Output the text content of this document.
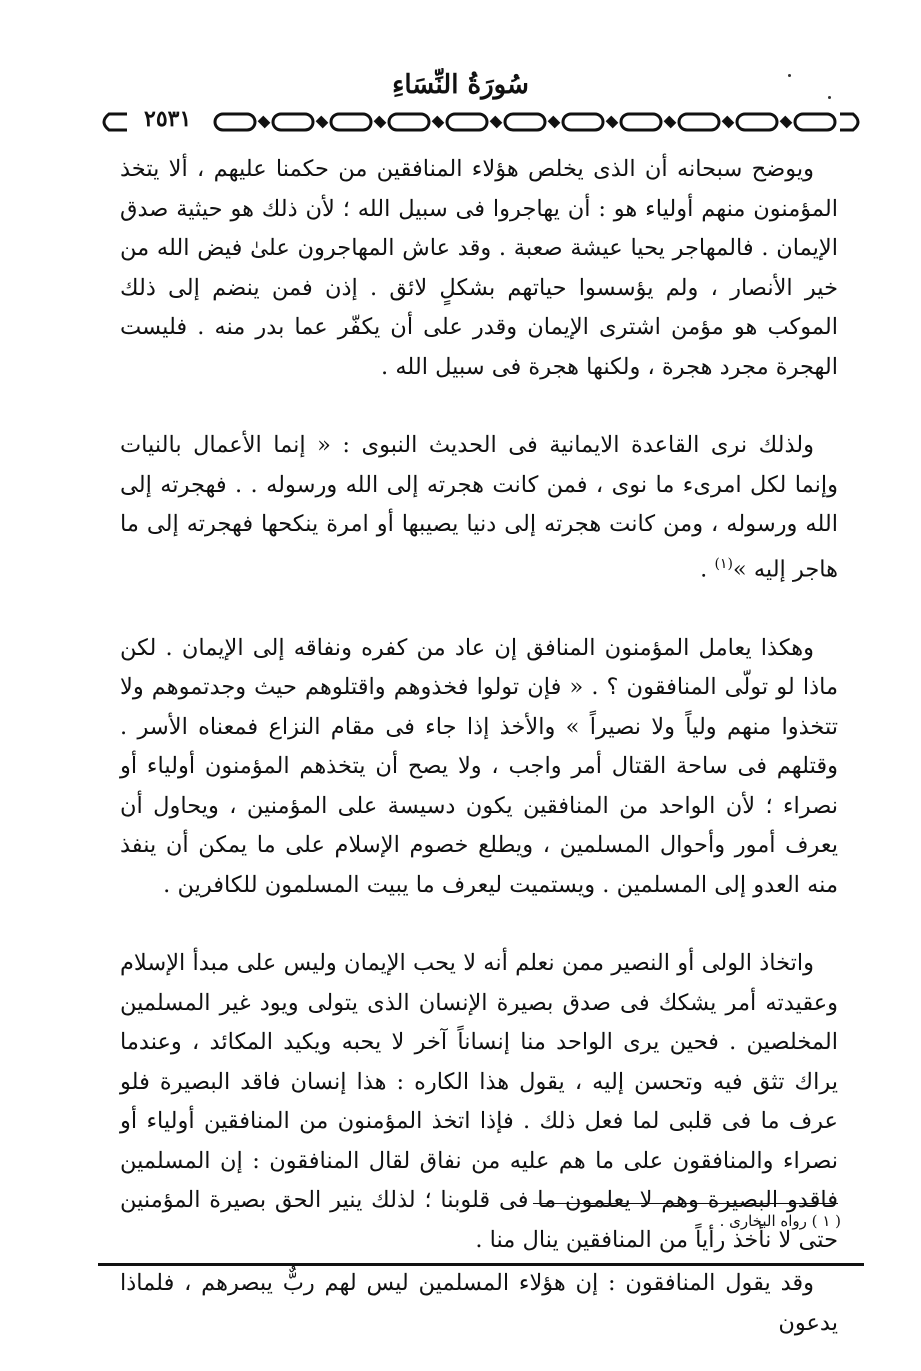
سُورَةُ النِّسَاءِ
٢٥٣١

ويوضح سبحانه أن الذى يخلص هؤلاء المنافقين من حكمنا عليهم ، ألا يتخذ المؤمنون منهم أولياء هو : أن يهاجروا فى سبيل الله ؛ لأن ذلك هو حيثية صدق الإيمان . فالمهاجر يحيا عيشة صعبة . وقد عاش المهاجرون علىٰ فيض الله من خير الأنصار ، ولم يؤسسوا حياتهم بشكلٍ لائق . إذن فمن ينضم إلى ذلك الموكب هو مؤمن اشترى الإيمان وقدر على أن يكفّر عما بدر منه . فليست الهجرة مجرد هجرة ، ولكنها هجرة فى سبيل الله .

ولذلك نرى القاعدة الايمانية فى الحديث النبوى : « إنما الأعمال بالنيات وإنما لكل امرىء ما نوى ، فمن كانت هجرته إلى الله ورسوله . . فهجرته إلى الله ورسوله ، ومن كانت هجرته إلى دنيا يصيبها أو امرة ينكحها فهجرته إلى ما هاجر إليه »$^{(١)}$ .

وهكذا يعامل المؤمنون المنافق إن عاد من كفره ونفاقه إلى الإيمان . لكن ماذا لو تولّى المنافقون ؟ . « فإن تولوا فخذوهم واقتلوهم حيث وجدتموهم ولا تتخذوا منهم ولياً ولا نصيراً » والأخذ إذا جاء فى مقام النزاع فمعناه الأسر . وقتلهم فى ساحة القتال أمر واجب ، ولا يصح أن يتخذهم المؤمنون أولياء أو نصراء ؛ لأن الواحد من المنافقين يكون دسيسة على المؤمنين ، ويحاول أن يعرف أمور وأحوال المسلمين ، ويطلع خصوم الإسلام على ما يمكن أن ينفذ منه العدو إلى المسلمين . ويستميت ليعرف ما يبيت المسلمون للكافرين .

واتخاذ الولى أو النصير ممن نعلم أنه لا يحب الإيمان وليس على مبدأ الإسلام وعقيدته أمر يشكك فى صدق بصيرة الإنسان الذى يتولى ويود غير المسلمين المخلصين . فحين يرى الواحد منا إنساناً آخر لا يحبه ويكيد المكائد ، وعندما يراك تثق فيه وتحسن إليه ، يقول هذا الكاره : هذا إنسان فاقد البصيرة فلو عرف ما فى قلبى لما فعل ذلك . فإذا اتخذ المؤمنون من المنافقين أولياء أو نصراء والمنافقون على ما هم عليه من نفاق لقال المنافقون : إن المسلمين فاقدو البصيرة وهم لا يعلمون ما فى قلوبنا ؛ لذلك ينير الحق بصيرة المؤمنين حتى لا نأخذ رأياً من المنافقين ينال منا .

وقد يقول المنافقون : إن هؤلاء المسلمين ليس لهم ربٌّ يبصرهم ، فلماذا يدعون

( ١ ) رواه البخارى .
